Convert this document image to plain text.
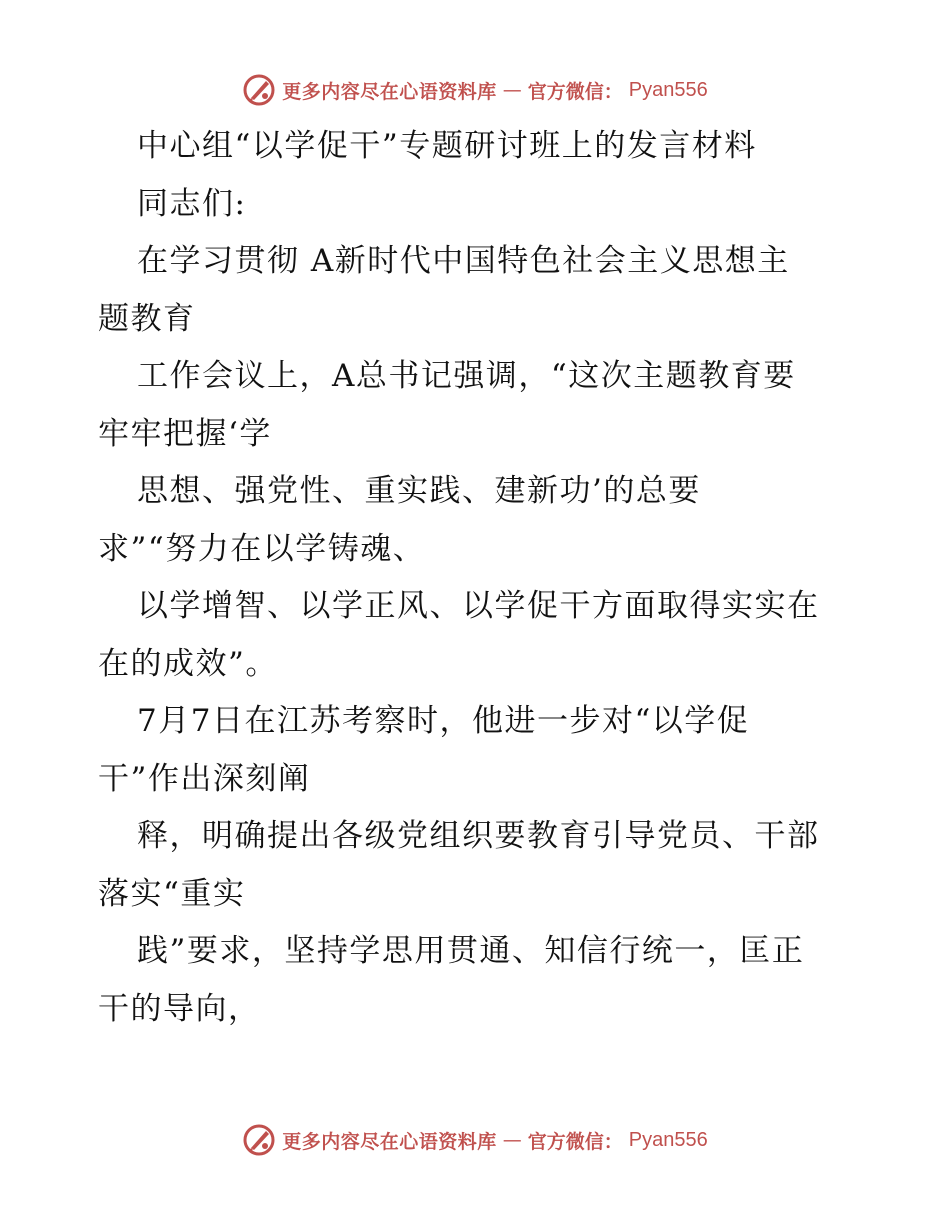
更多内容尽在心语资料库 — 官方微信： Pyan556
中心组“以学促干”专题研讨班上的发言材料
同志们:
在学习贯彻 A新时代中国特色社会主义思想主
题教育
工作会议上，A总书记强调，“这次主题教育要
牢牢把握‘学
思想、强党性、重实践、建新功’的总要
求”“努力在以学铸魂、
以学增智、以学正风、以学促干方面取得实实在
在的成效”。
7月7日在江苏考察时，他进一步对“以学促
干”作出深刻阐
释，明确提出各级党组织要教育引导党员、干部
落实“重实
践”要求，坚持学思用贯通、知信行统一，匡正
干的导向，
更多内容尽在心语资料库 — 官方微信： Pyan556
